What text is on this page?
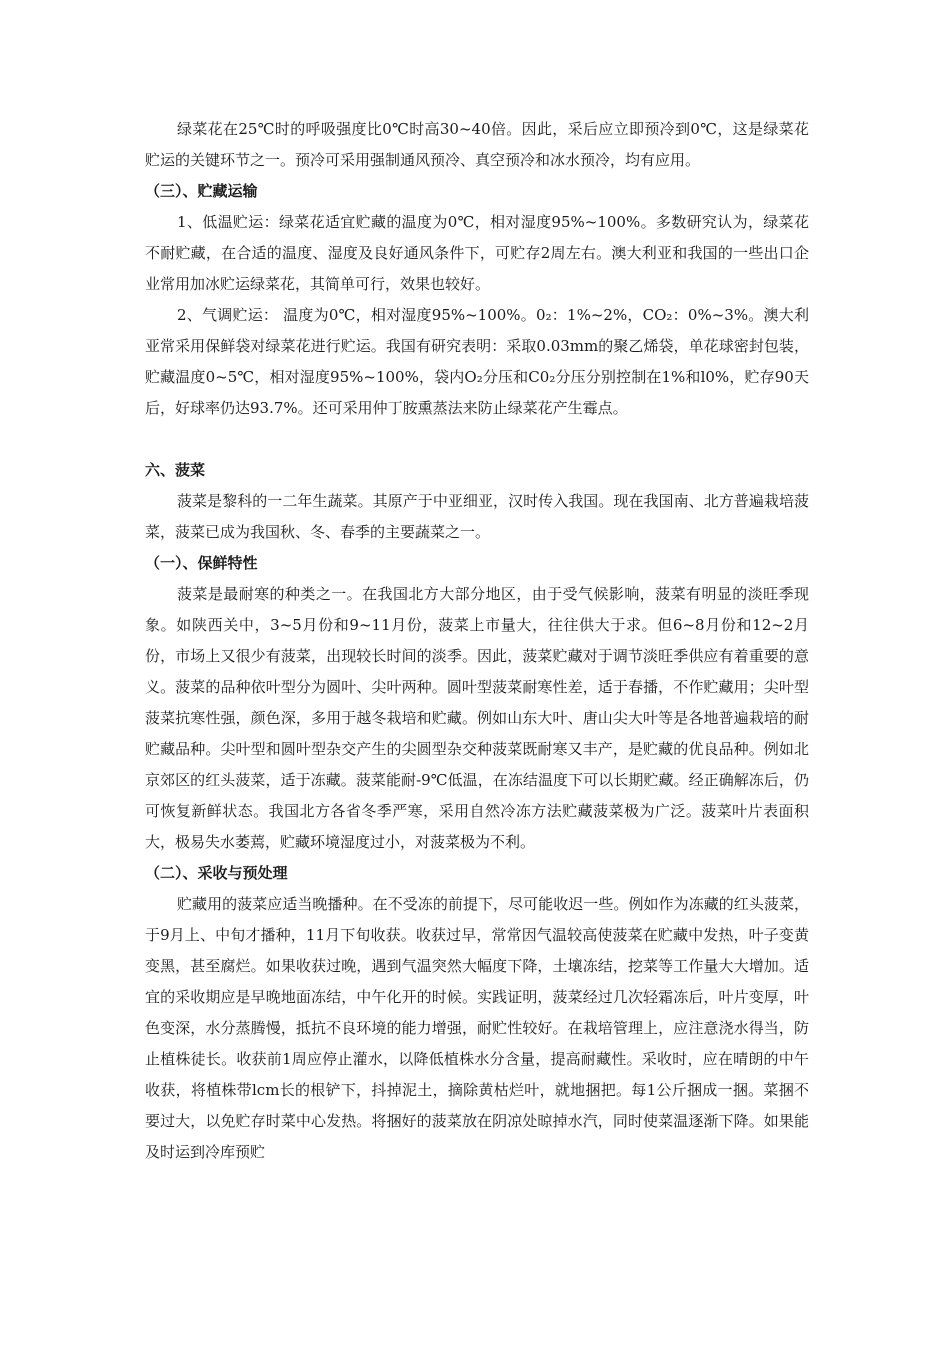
绿菜花在25℃时的呼吸强度比0℃时高30~40倍。因此，采后应立即预冷到0℃，这是绿菜花贮运的关键环节之一。预冷可采用强制通风预冷、真空预冷和冰水预冷，均有应用。

（三）、贮藏运输

1、低温贮运：绿菜花适宜贮藏的温度为0℃，相对湿度95%~100%。多数研究认为，绿菜花不耐贮藏，在合适的温度、湿度及良好通风条件下，可贮存2周左右。澳大利亚和我国的一些出口企业常用加冰贮运绿菜花，其简单可行，效果也较好。

2、气调贮运： 温度为0℃，相对湿度95%~100%。0₂：1%~2%，CO₂：0%~3%。澳大利亚常采用保鲜袋对绿菜花进行贮运。我国有研究表明：采取0.03mm的聚乙烯袋，单花球密封包装，贮藏温度0~5℃，相对湿度95%~100%，袋内O₂分压和C0₂分压分别控制在1%和l0%，贮存90天后，好球率仍达93.7%。还可采用仲丁胺熏蒸法来防止绿菜花产生霉点。

六、菠菜

菠菜是黎科的一二年生蔬菜。其原产于中亚细亚，汉时传入我国。现在我国南、北方普遍栽培菠菜，菠菜已成为我国秋、冬、春季的主要蔬菜之一。

（一）、保鲜特性

菠菜是最耐寒的种类之一。在我国北方大部分地区，由于受气候影响，菠菜有明显的淡旺季现象。如陕西关中，3~5月份和9~11月份，菠菜上市量大，往往供大于求。但6~8月份和12~2月份，市场上又很少有菠菜，出现较长时间的淡季。因此，菠菜贮藏对于调节淡旺季供应有着重要的意义。菠菜的品种依叶型分为圆叶、尖叶两种。圆叶型菠菜耐寒性差，适于春播，不作贮藏用；尖叶型菠菜抗寒性强，颜色深，多用于越冬栽培和贮藏。例如山东大叶、唐山尖大叶等是各地普遍栽培的耐贮藏品种。尖叶型和圆叶型杂交产生的尖圆型杂交种菠菜既耐寒又丰产，是贮藏的优良品种。例如北京郊区的红头菠菜，适于冻藏。菠菜能耐-9℃低温，在冻结温度下可以长期贮藏。经正确解冻后，仍可恢复新鲜状态。我国北方各省冬季严寒，采用自然冷冻方法贮藏菠菜极为广泛。菠菜叶片表面积大，极易失水萎蔫，贮藏环境湿度过小，对菠菜极为不利。

（二）、采收与预处理

贮藏用的菠菜应适当晚播种。在不受冻的前提下，尽可能收迟一些。例如作为冻藏的红头菠菜，于9月上、中旬才播种，11月下旬收获。收获过早，常常因气温较高使菠菜在贮藏中发热，叶子变黄变黑，甚至腐烂。如果收获过晚，遇到气温突然大幅度下降，土壤冻结，挖菜等工作量大大增加。适宜的采收期应是早晚地面冻结，中午化开的时候。实践证明，菠菜经过几次轻霜冻后，叶片变厚，叶色变深，水分蒸腾慢，抵抗不良环境的能力增强，耐贮性较好。在栽培管理上，应注意浇水得当，防止植株徒长。收获前1周应停止灌水，以降低植株水分含量，提高耐藏性。采收时，应在晴朗的中午收获，将植株带lcm长的根铲下，抖掉泥土，摘除黄枯烂叶，就地捆把。每1公斤捆成一捆。菜捆不要过大，以免贮存时菜中心发热。将捆好的菠菜放在阴凉处晾掉水汽，同时使菜温逐渐下降。如果能及时运到冷库预贮
